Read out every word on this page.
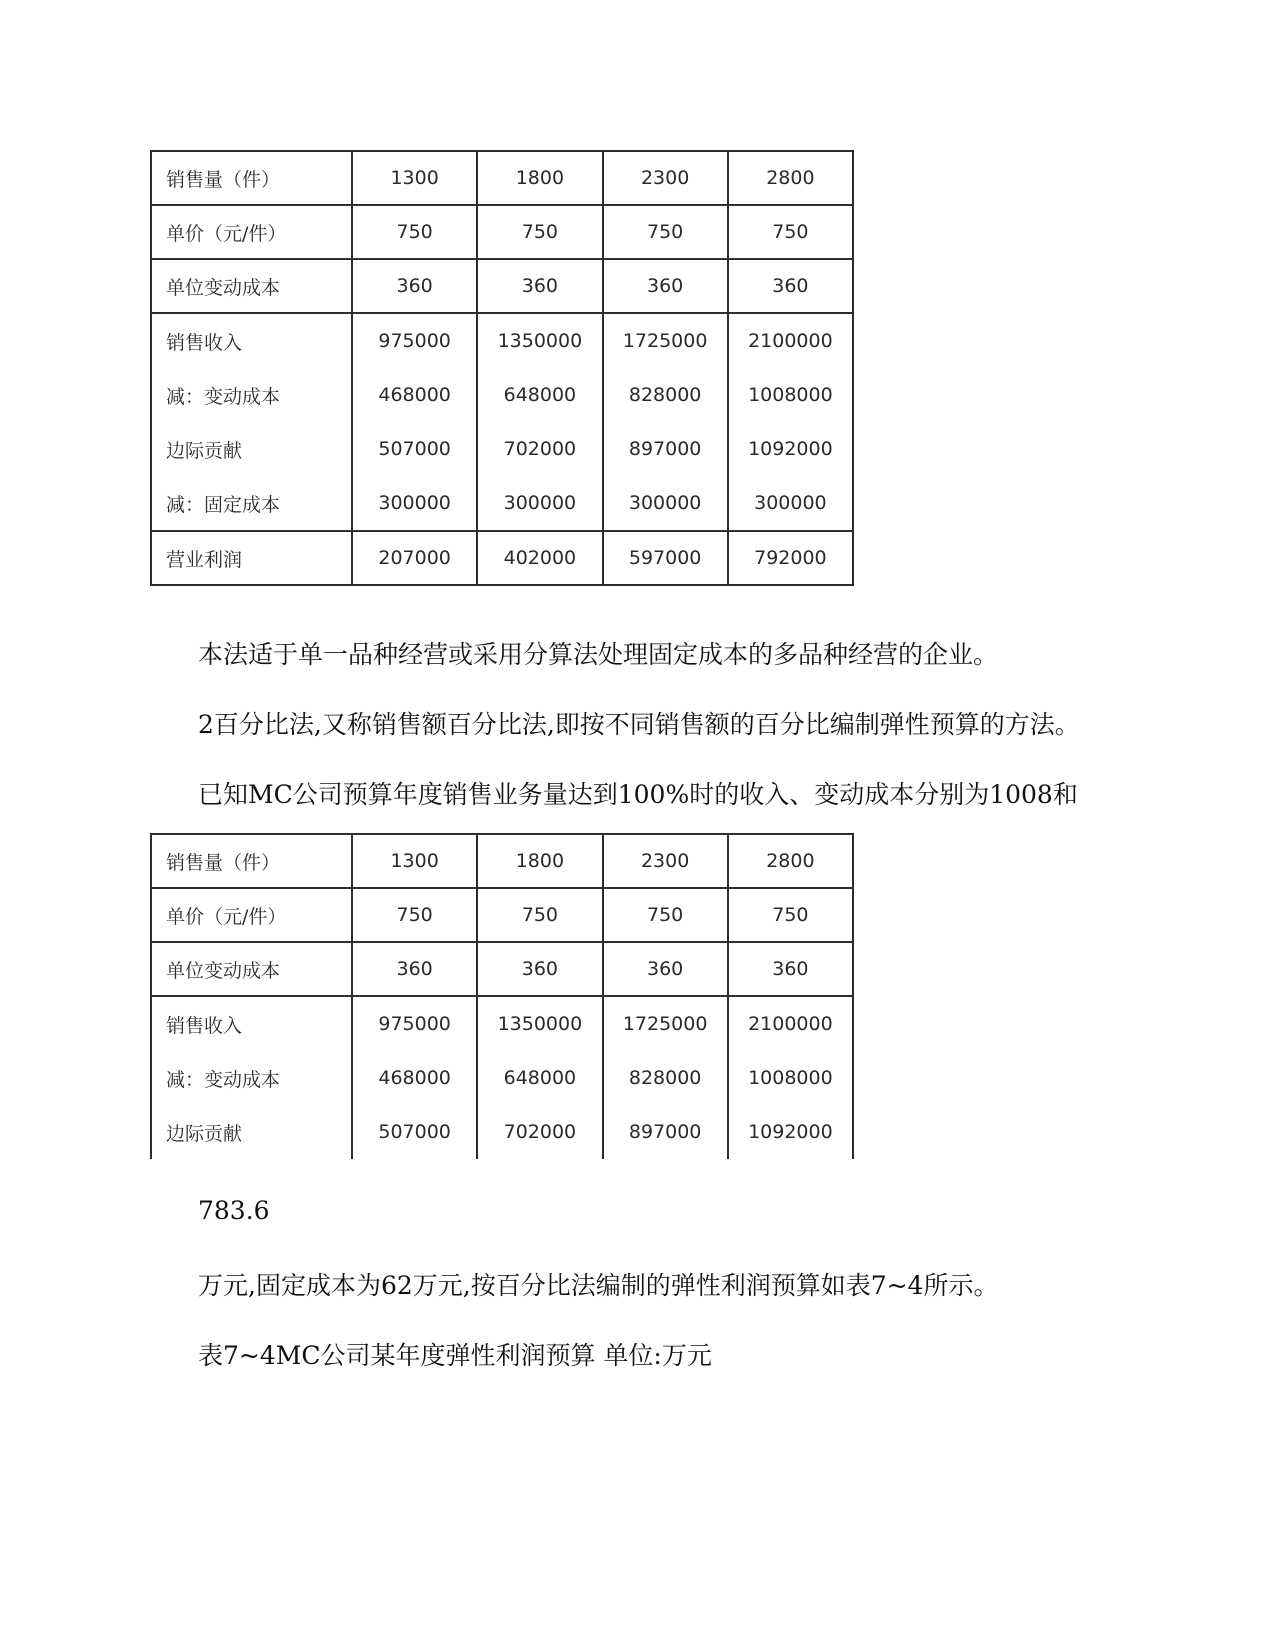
销售量（件）	1300	1800	2300	2800
单价（元/件）	750	750	750	750
单位变动成本	360	360	360	360
销售收入	975000	1350000	1725000	2100000
减：变动成本	468000	648000	828000	1008000
边际贡献	507000	702000	897000	1092000
减：固定成本	300000	300000	300000	300000
营业利润	207000	402000	597000	792000

本法适于单一品种经营或采用分算法处理固定成本的多品种经营的企业。

2百分比法,又称销售额百分比法,即按不同销售额的百分比编制弹性预算的方法。

已知MC公司预算年度销售业务量达到100%时的收入、变动成本分别为1008和

销售量（件）	1300	1800	2300	2800
单价（元/件）	750	750	750	750
单位变动成本	360	360	360	360
销售收入	975000	1350000	1725000	2100000
减：变动成本	468000	648000	828000	1008000
边际贡献	507000	702000	897000	1092000

783.6

万元,固定成本为62万元,按百分比法编制的弹性利润预算如表7~4所示。

表7~4MC公司某年度弹性利润预算 单位:万元
